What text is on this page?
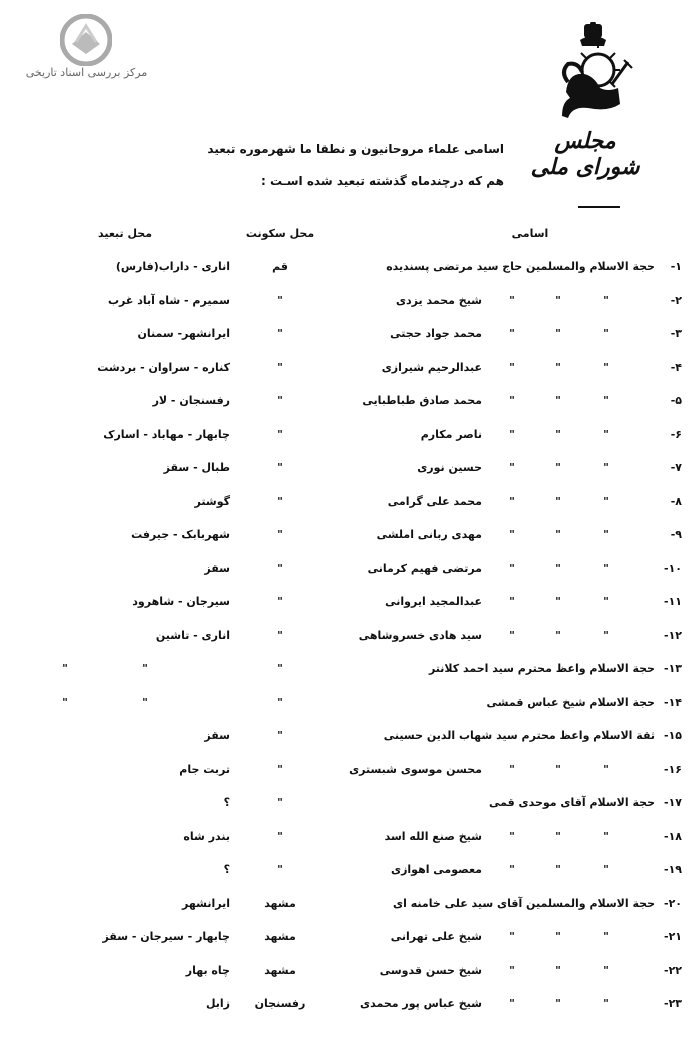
مرکز بررسی اسناد تاریخی
مجلس شورای ملی
اسامی علماء مروحانیون و نطقا ما شهرموره تبعید
هم که درچندماه گذشته تبعید شده اسـت :
اسامی
محل سکونت
محل تبعید
۱-
حجة الاسلام والمسلمین حاج سید مرتضی پسندیده
قم
اناری - داراب(فارس)
۲-
"
"
"
شیخ محمد یزدی
"
سمیرم - شاه آباد غرب
۳-
"
"
"
محمد جواد حجتی
"
ایرانشهر- سمنان
۴-
"
"
"
عبدالرحیم شیرازی
"
کناره - سراوان - بردشت
۵-
"
"
"
محمد صادق طباطبایی
"
رفسنجان - لار
۶-
"
"
"
ناصر مکارم
"
چابهار - مهاباد - اسارک
۷-
"
"
"
حسین نوری
"
طبال - سقز
۸-
"
"
"
محمد علی گرامی
"
گوشتر
۹-
"
"
"
مهدی ربانی املشی
"
شهربابک - جیرفت
۱۰-
"
"
"
مرتضی فهیم کرمانی
"
سقز
۱۱-
"
"
"
عبدالمجید ایروانی
"
سیرجان - شاهرود
۱۲-
"
"
"
سید هادی خسروشاهی
"
اناری - تاشین
۱۳-
حجة الاسلام واعظ محترم سید احمد کلانتر
"
"
"
۱۴-
حجة الاسلام شیخ عباس قمشی
"
"
"
۱۵-
ثقة الاسلام واعظ محترم سید شهاب الدین حسینی
"
سقز
۱۶-
"
"
"
محسن موسوی شبستری
"
تربت جام
۱۷-
حجة الاسلام آقای موحدی قمی
"
؟
۱۸-
"
"
"
شیخ صنع الله اسد
"
بندر شاه
۱۹-
"
"
"
معصومی اهوازی
"
؟
۲۰-
حجة الاسلام والمسلمین آقای سید علی خامنه ای
مشهد
ایرانشهر
۲۱-
"
"
"
شیخ علی تهرانی
مشهد
چابهار - سیرجان - سقز
۲۲-
"
"
"
شیخ حسن قدوسی
مشهد
چاه بهار
۲۳-
"
"
"
شیخ عباس پور محمدی
رفسنجان
زابل
